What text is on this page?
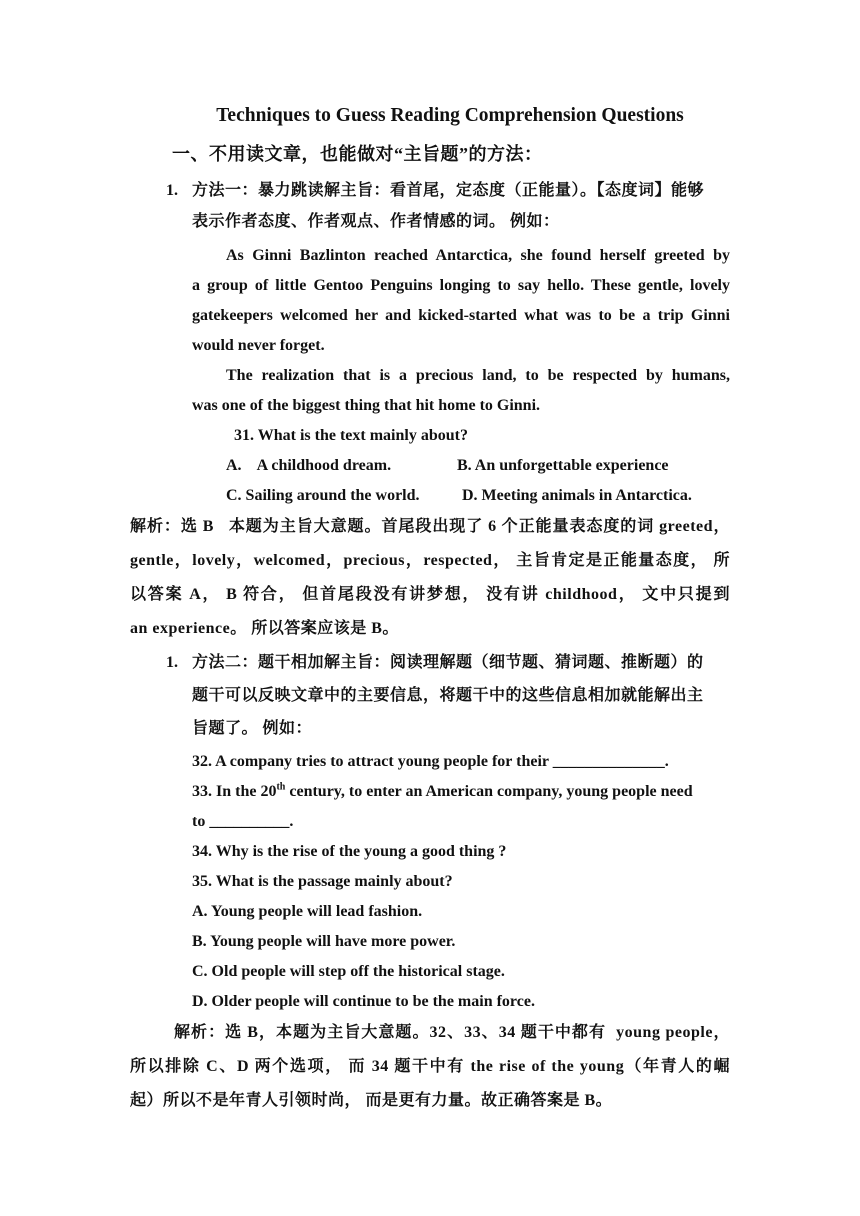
Techniques to Guess Reading Comprehension Questions
一、不用读文章，也能做对“主旨题”的方法：
1. 方法一：暴力跳读解主旨：看首尾，定态度（正能量）。【态度词】能够
表示作者态度、作者观点、作者情感的词。 例如：
As Ginni Bazlinton reached Antarctica, she found herself greeted by
a group of little Gentoo Penguins longing to say hello. These gentle, lovely
gatekeepers welcomed her and kicked-started what was to be a trip Ginni
would never forget.
The realization that is a precious land, to be respected by humans,
was one of the biggest thing that hit home to Ginni.
31. What is the text mainly about?
A.    A childhood dream.	B. An unforgettable experience
C. Sailing around the world.	D. Meeting animals in Antarctica.
解析：选 B   本题为主旨大意题。首尾段出现了 6 个正能量表态度的词 greeted，
gentle，lovely，welcomed，precious，respected， 主旨肯定是正能量态度， 所
以答案 A， B 符合， 但首尾段没有讲梦想， 没有讲 childhood， 文中只提到
an experience。 所以答案应该是 B。
1. 方法二：题干相加解主旨：阅读理解题（细节题、猜词题、推断题）的
题干可以反映文章中的主要信息，将题干中的这些信息相加就能解出主
旨题了。 例如：
32. A company tries to attract young people for their ______________.
33. In the 20th century, to enter an American company, young people need
to __________.
34. Why is the rise of the young a good thing ?
35. What is the passage mainly about?
A. Young people will lead fashion.
B. Young people will have more power.
C. Old people will step off the historical stage.
D. Older people will continue to be the main force.
解析：选 B，本题为主旨大意题。32、33、34 题干中都有  young people，
所以排除 C、D 两个选项， 而 34 题干中有 the rise of the young（年青人的崛
起）所以不是年青人引领时尚， 而是更有力量。故正确答案是 B。
